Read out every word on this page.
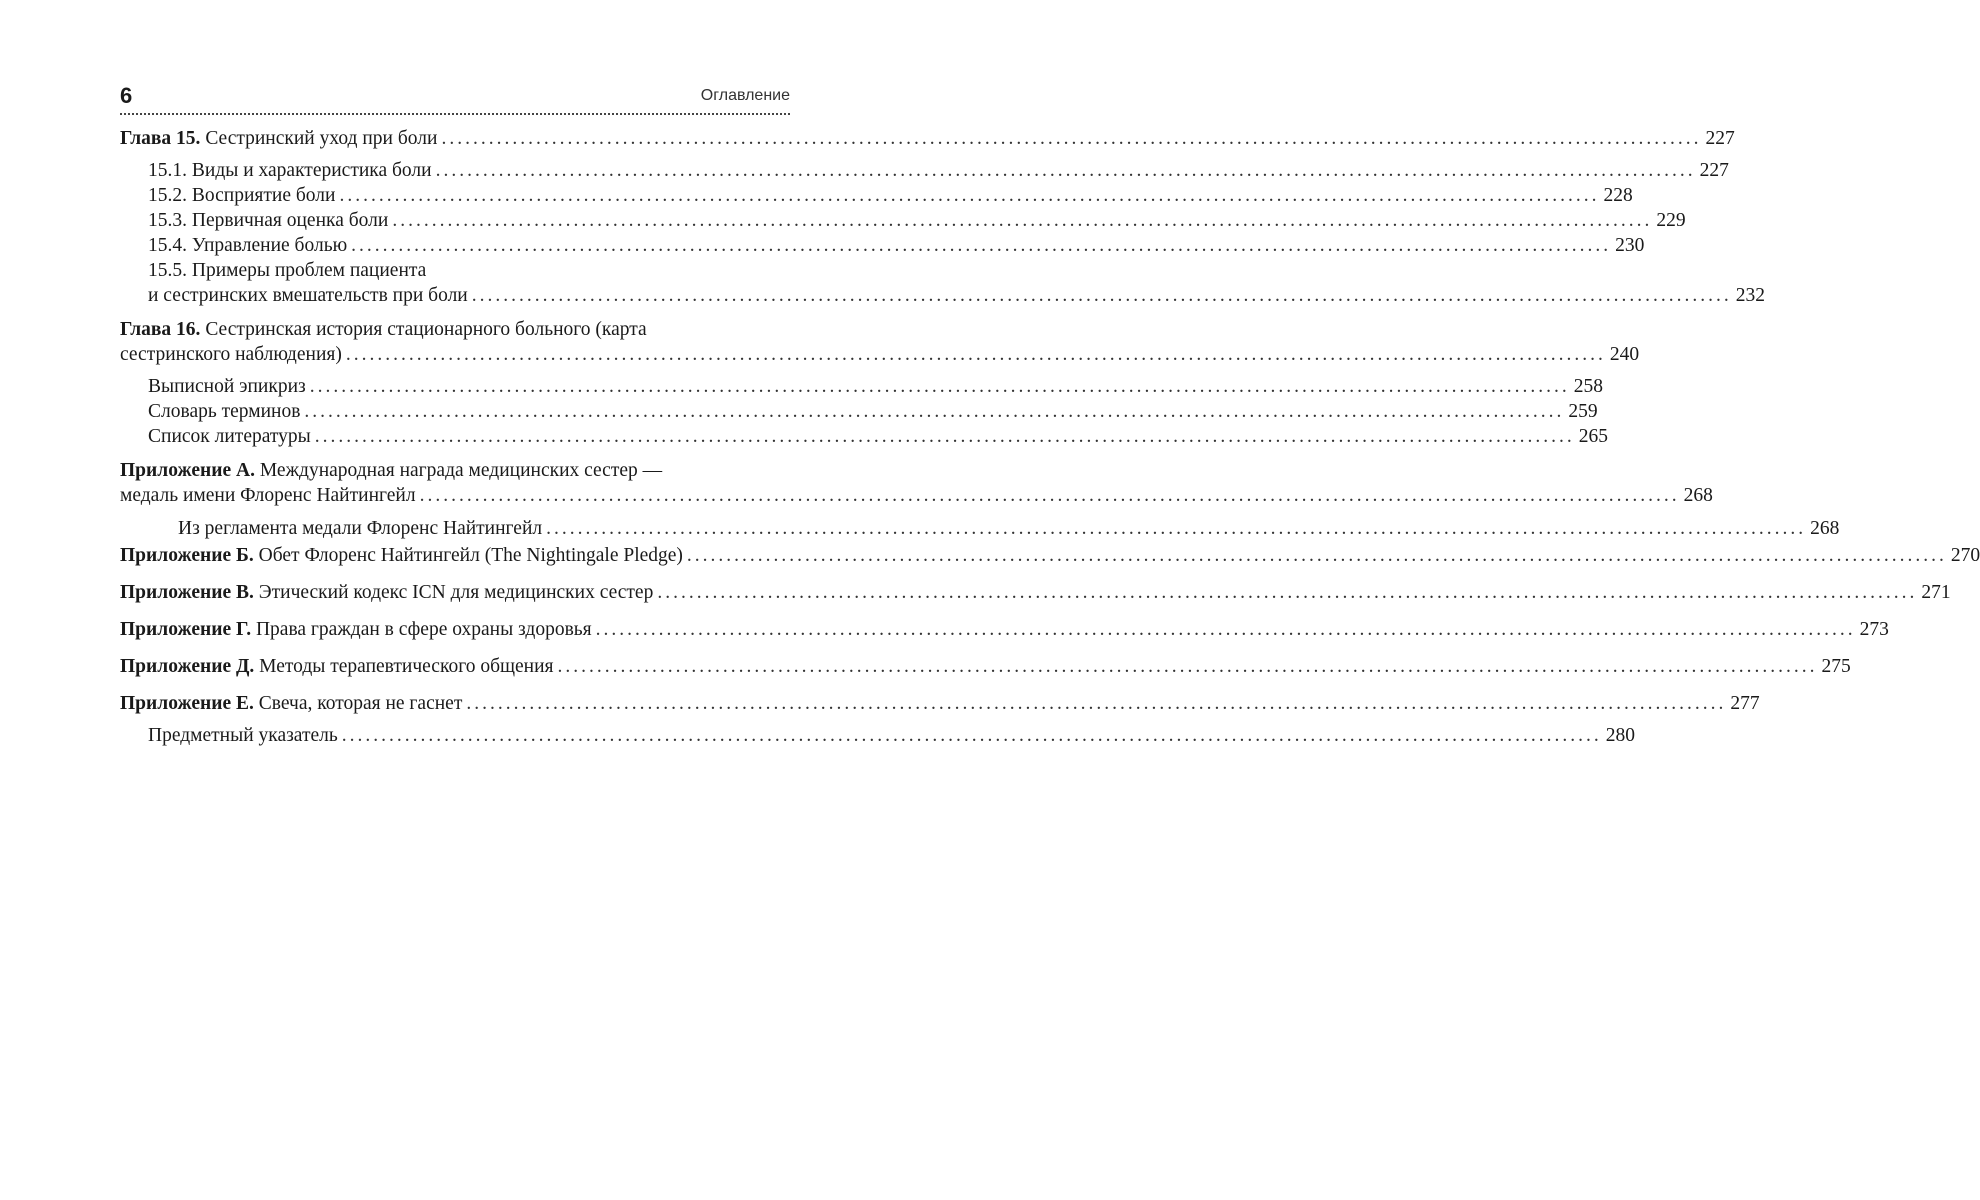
6	Оглавление
Глава 15. Сестринский уход при боли ................................................................................................................................................................ 227
15.1. Виды и характеристика боли ................................................................................................................................................................ 227
15.2. Восприятие боли ................................................................................................................................................................ 228
15.3. Первичная оценка боли ................................................................................................................................................................ 229
15.4. Управление болью ................................................................................................................................................................ 230
15.5. Примеры проблем пациента
и сестринских вмешательств при боли ................................................................................................................................................................ 232
Глава 16. Сестринская история стационарного больного (карта
сестринского наблюдения) ................................................................................................................................................................ 240
Выписной эпикриз ................................................................................................................................................................ 258
Словарь терминов ................................................................................................................................................................ 259
Список литературы ................................................................................................................................................................ 265
Приложение А. Международная награда медицинских сестер —
медаль имени Флоренс Найтингейл ................................................................................................................................................................ 268
Из регламента медали Флоренс Найтингейл ................................................................................................................................................................ 268
Приложение Б. Обет Флоренс Найтингейл (The Nightingale Pledge) ................................................................................................................................................................ 270
Приложение В. Этический кодекс ICN для медицинских сестер ................................................................................................................................................................ 271
Приложение Г. Права граждан в сфере охраны здоровья ................................................................................................................................................................ 273
Приложение Д. Методы терапевтического общения ................................................................................................................................................................ 275
Приложение Е. Свеча, которая не гаснет ................................................................................................................................................................ 277
Предметный указатель ................................................................................................................................................................ 280
